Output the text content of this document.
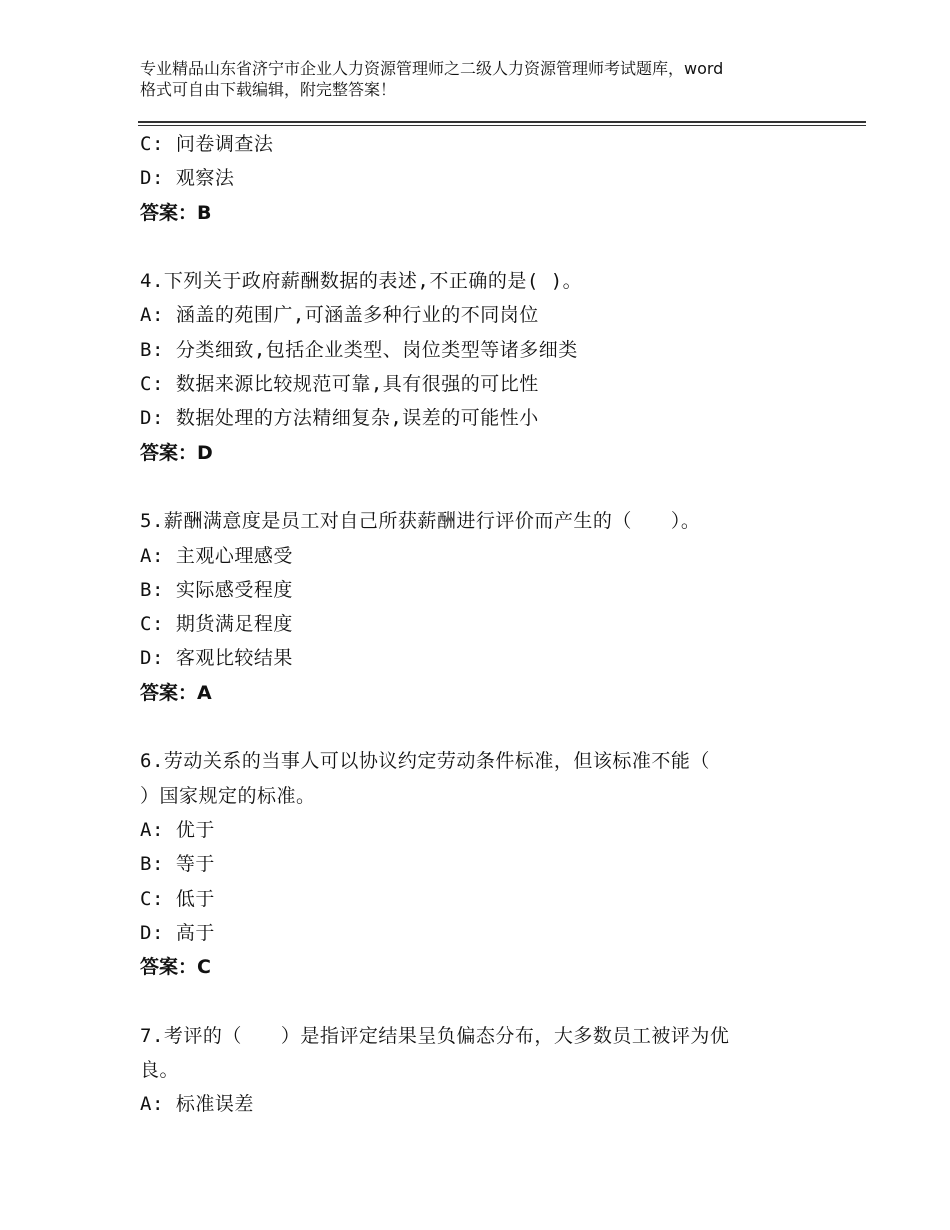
专业精品山东省济宁市企业人力资源管理师之二级人力资源管理师考试题库，word
格式可自由下载编辑，附完整答案！
C: 问卷调查法
D: 观察法
答案：B
4.下列关于政府薪酬数据的表述,不正确的是( )。
A: 涵盖的苑围广,可涵盖多种行业的不同岗位
B: 分类细致,包括企业类型、岗位类型等诸多细类
C: 数据来源比较规范可靠,具有很强的可比性
D: 数据处理的方法精细复杂,误差的可能性小
答案：D
5.薪酬满意度是员工对自己所获薪酬进行评价而产生的（　　）。
A: 主观心理感受
B: 实际感受程度
C: 期货满足程度
D: 客观比较结果
答案：A
6.劳动关系的当事人可以协议约定劳动条件标准，但该标准不能（
）国家规定的标准。
A: 优于
B: 等于
C: 低于
D: 高于
答案：C
7.考评的（　　）是指评定结果呈负偏态分布，大多数员工被评为优
良。
A: 标准误差
